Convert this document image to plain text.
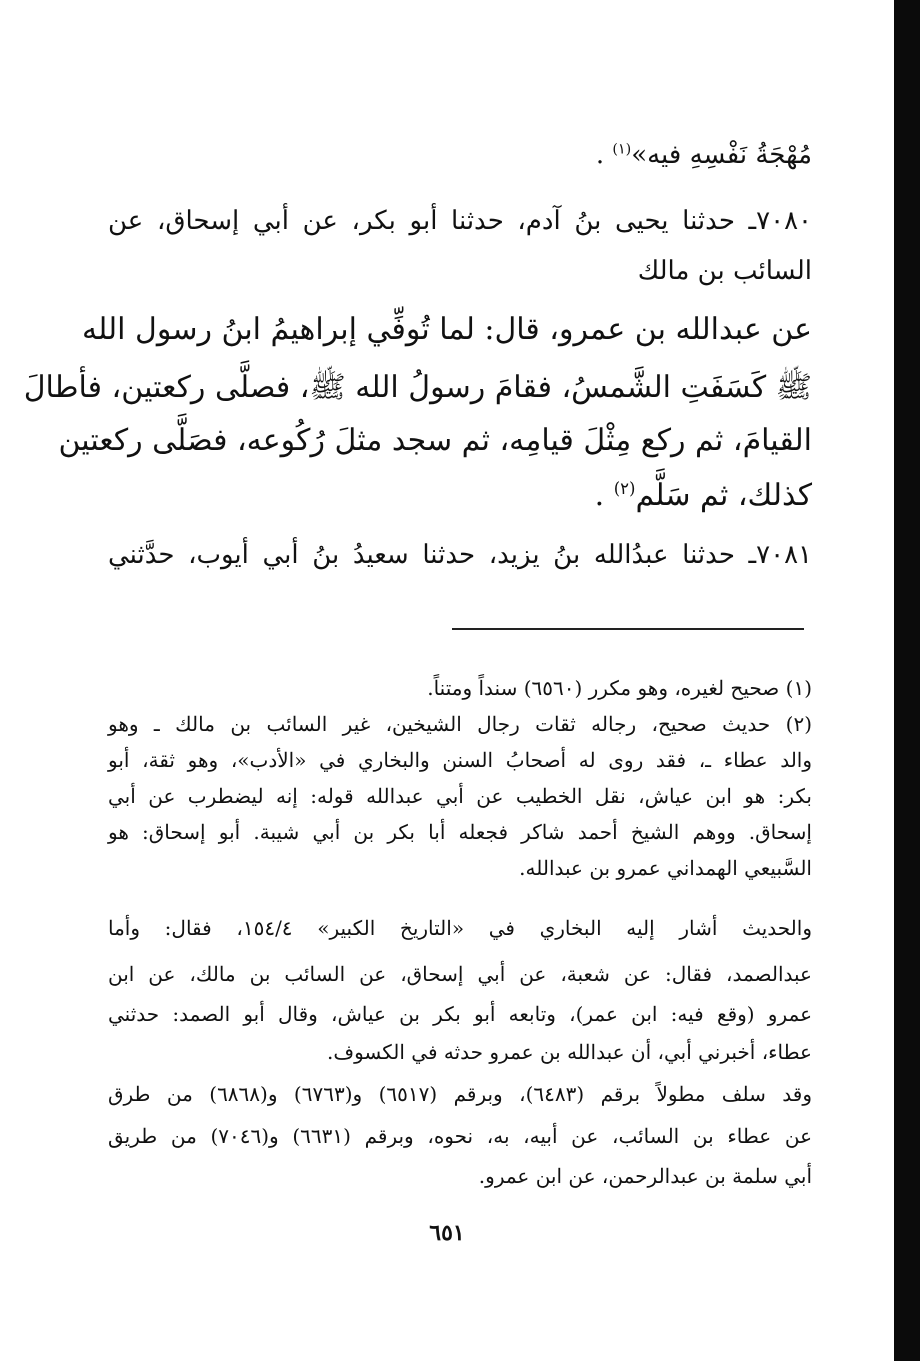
مُهْجَةُ نَفْسِهِ فيه»$^{(١)}$ .

٧٠٨٠ـ حدثنا يحيى بنُ آدم، حدثنا أبو بكر، عن أبي إسحاق، عن

السائب بن مالك

عن عبدالله بن عمرو، قال: لما تُوفِّي إبراهيمُ ابنُ رسول الله

ﷺ كَسَفَتِ الشَّمسُ، فقامَ رسولُ الله ﷺ، فصلَّى ركعتين، فأطالَ

القيامَ، ثم ركع مِثْلَ قيامِه، ثم سجد مثلَ رُكُوعه، فصَلَّى ركعتين

كذلك، ثم سَلَّم$^{(٢)}$ .

٧٠٨١ـ حدثنا عبدُالله بنُ يزيد، حدثنا سعيدُ بنُ أبي أيوب، حدَّثني

(١) صحيح لغيره، وهو مكرر (٦٥٦٠) سنداً ومتناً.

(٢) حديث صحيح، رجاله ثقات رجال الشيخين، غير السائب بن مالك ـ وهو

والد عطاء ـ، فقد روى له أصحابُ السنن والبخاري في «الأدب»، وهو ثقة، أبو

بكر: هو ابن عياش، نقل الخطيب عن أبي عبدالله قوله: إنه ليضطرب عن أبي

إسحاق. ووهم الشيخ أحمد شاكر فجعله أبا بكر بن أبي شيبة. أبو إسحاق: هو

السَّبيعي الهمداني عمرو بن عبدالله.

والحديث أشار إليه البخاري في «التاريخ الكبير» ١٥٤/٤، فقال: وأما

عبدالصمد، فقال: عن شعبة، عن أبي إسحاق، عن السائب بن مالك، عن ابن

عمرو (وقع فيه: ابن عمر)، وتابعه أبو بكر بن عياش، وقال أبو الصمد: حدثني

عطاء، أخبرني أبي، أن عبدالله بن عمرو حدثه في الكسوف.

وقد سلف مطولاً برقم (٦٤٨٣)، وبرقم (٦٥١٧) و(٦٧٦٣) و(٦٨٦٨) من طرق

عن عطاء بن السائب، عن أبيه، به، نحوه، وبرقم (٦٦٣١) و(٧٠٤٦) من طريق

أبي سلمة بن عبدالرحمن، عن ابن عمرو.

٦٥١
